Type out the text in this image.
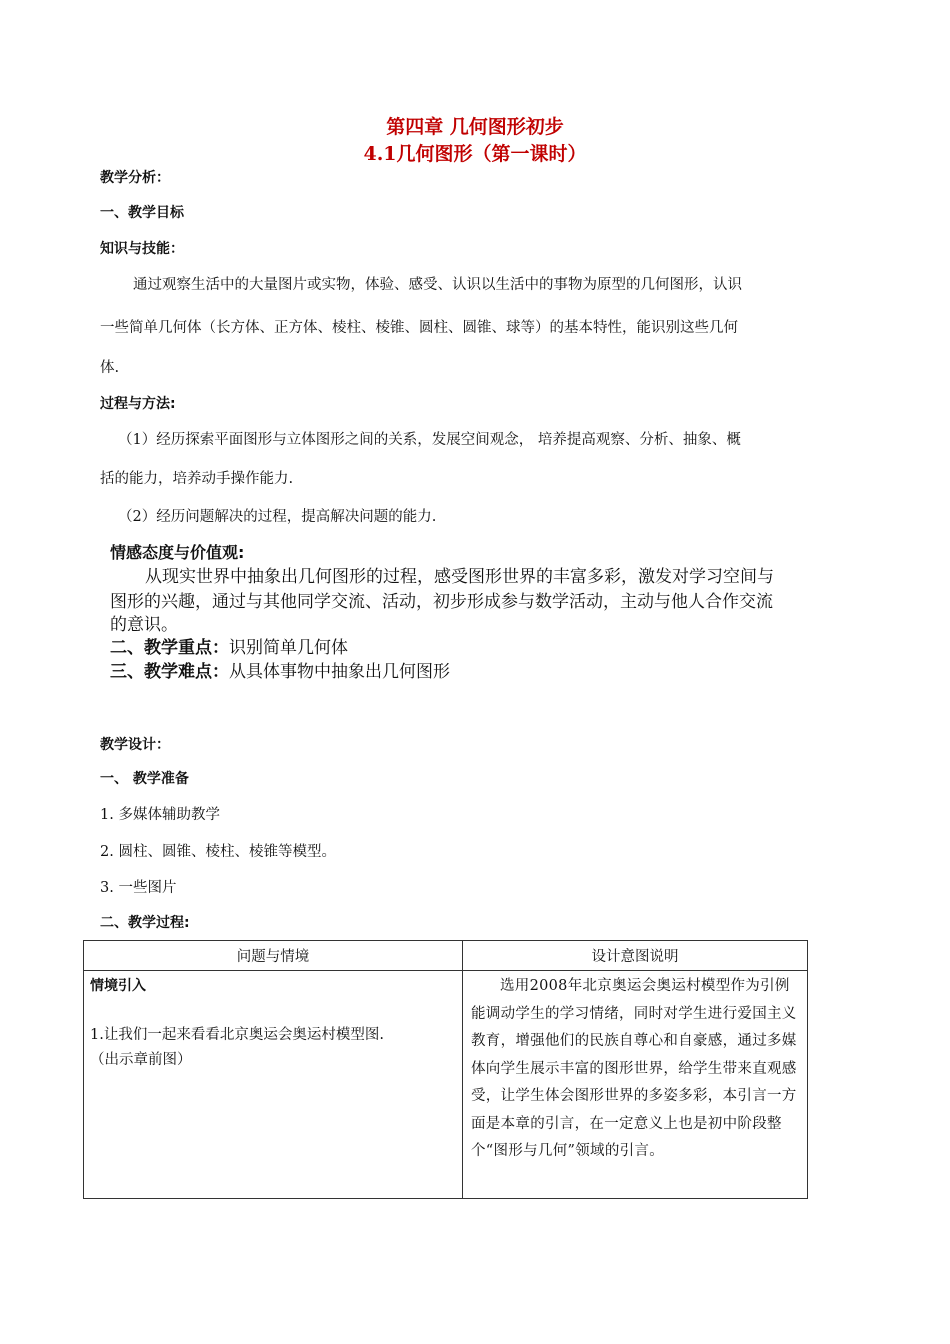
第四章 几何图形初步
4.1几何图形（第一课时）
教学分析：
一、教学目标
知识与技能：
通过观察生活中的大量图片或实物，体验、感受、认识以生活中的事物为原型的几何图形，认识
一些简单几何体（长方体、正方体、棱柱、棱锥、圆柱、圆锥、球等）的基本特性，能识别这些几何
体.
过程与方法:
（1）经历探索平面图形与立体图形之间的关系，发展空间观念， 培养提高观察、分析、抽象、概
括的能力，培养动手操作能力.
（2）经历问题解决的过程，提高解决问题的能力.
情感态度与价值观:
从现实世界中抽象出几何图形的过程，感受图形世界的丰富多彩，激发对学习空间与
图形的兴趣，通过与其他同学交流、活动，初步形成参与数学活动，主动与他人合作交流
的意识。
二、教学重点：识别简单几何体
三、教学难点：从具体事物中抽象出几何图形
教学设计：
一、 教学准备
1. 多媒体辅助教学
2. 圆柱、圆锥、棱柱、棱锥等模型。
3. 一些图片
二、教学过程:
问题与情境	设计意图说明

情境引入
1.让我们一起来看看北京奥运会奥运村模型图.
（出示章前图）	选用2008年北京奥运会奥运村模型作为引例能调动学生的学习情绪，同时对学生进行爱国主义教育，增强他们的民族自尊心和自豪感，通过多媒体向学生展示丰富的图形世界，给学生带来直观感受，让学生体会图形世界的多姿多彩，本引言一方面是本章的引言，在一定意义上也是初中阶段整个“图形与几何”领域的引言。
